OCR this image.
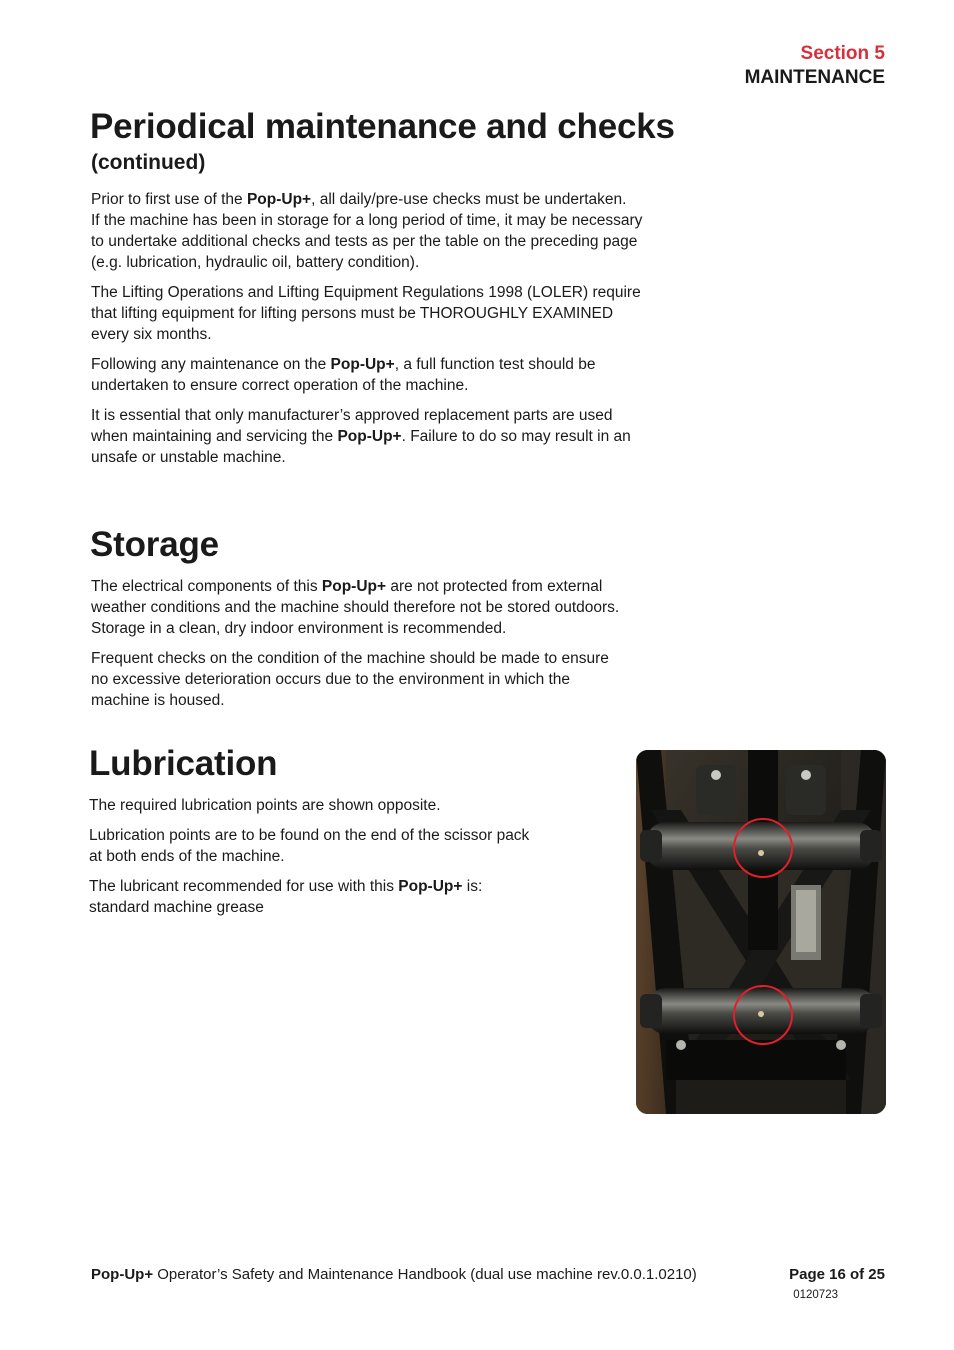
Section 5
MAINTENANCE
Periodical maintenance and checks
(continued)

Prior to first use of the Pop-Up+, all daily/pre-use checks must be undertaken.
If the machine has been in storage for a long period of time, it may be necessary
to undertake additional checks and tests as per the table on the preceding page
(e.g. lubrication, hydraulic oil, battery condition).

The Lifting Operations and Lifting Equipment Regulations 1998 (LOLER) require
that lifting equipment for lifting persons must be THOROUGHLY EXAMINED
every six months.

Following any maintenance on the Pop-Up+, a full function test should be
undertaken to ensure correct operation of the machine.

It is essential that only manufacturer’s approved replacement parts are used
when maintaining and servicing the Pop-Up+. Failure to do so may result in an
unsafe or unstable machine.

Storage

The electrical components of this Pop-Up+ are not protected from external
weather conditions and the machine should therefore not be stored outdoors.
Storage in a clean, dry indoor environment is recommended.

Frequent checks on the condition of the machine should be made to ensure
no excessive deterioration occurs due to the environment in which the
machine is housed.

Lubrication

The required lubrication points are shown opposite.

Lubrication points are to be found on the end of the scissor pack
at both ends of the machine.

The lubricant recommended for use with this Pop-Up+ is:
standard machine grease

Pop-Up+ Operator’s Safety and Maintenance Handbook (dual use machine rev.0.0.1.0210)	Page 16 of 25
0120723
